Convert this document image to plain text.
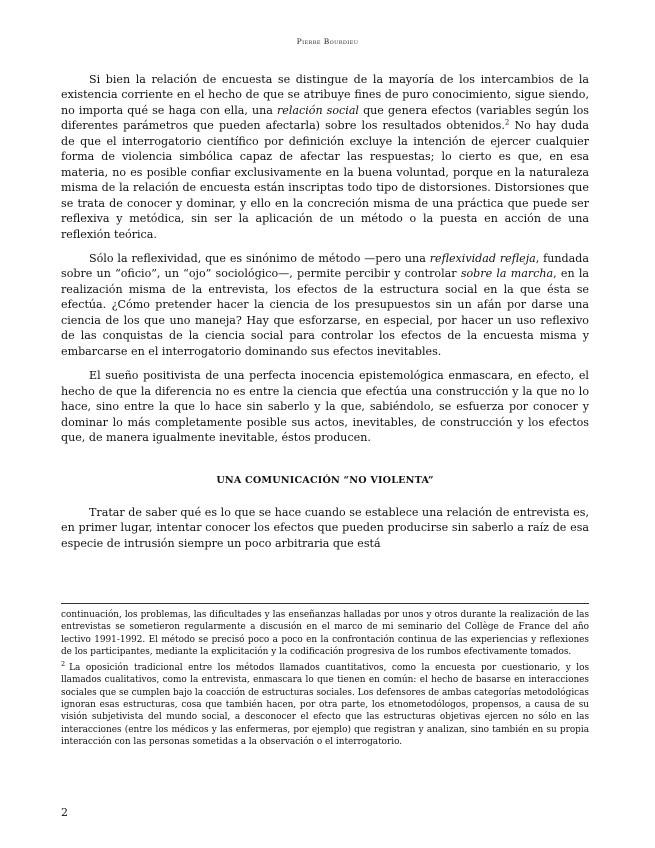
Pierre Bourdieu

Si bien la relación de encuesta se distingue de la mayoría de los intercambios de la existencia corriente en el hecho de que se atribuye fines de puro conocimiento, sigue siendo, no importa qué se haga con ella, una relación social que genera efectos (variables según los diferentes parámetros que pueden afectarla) sobre los resultados obtenidos.$^2$ No hay duda de que el interrogatorio científico por definición excluye la intención de ejercer cualquier forma de violencia simbólica capaz de afectar las respuestas; lo cierto es que, en esa materia, no es posible confiar exclusivamente en la buena voluntad, porque en la naturaleza misma de la relación de encuesta están inscriptas todo tipo de distorsiones. Distorsiones que se trata de conocer y dominar, y ello en la concreción misma de una práctica que puede ser reflexiva y metódica, sin ser la aplicación de un método o la puesta en acción de una reflexión teórica.

Sólo la reflexividad, que es sinónimo de método —pero una reflexividad refleja, fundada sobre un “oficio”, un “ojo” sociológico—, permite percibir y controlar sobre la marcha, en la realización misma de la entrevista, los efectos de la estructura social en la que ésta se efectúa. ¿Cómo pretender hacer la ciencia de los presupuestos sin un afán por darse una ciencia de los que uno maneja? Hay que esforzarse, en especial, por hacer un uso reflexivo de las conquistas de la ciencia social para controlar los efectos de la encuesta misma y embarcarse en el interrogatorio dominando sus efectos inevitables.

El sueño positivista de una perfecta inocencia epistemológica enmascara, en efecto, el hecho de que la diferencia no es entre la ciencia que efectúa una construcción y la que no lo hace, sino entre la que lo hace sin saberlo y la que, sabiéndolo, se esfuerza por conocer y dominar lo más completamente posible sus actos, inevitables, de construcción y los efectos que, de manera igualmente inevitable, éstos producen.

UNA COMUNICACIÓN “NO VIOLENTA”

Tratar de saber qué es lo que se hace cuando se establece una relación de entrevista es, en primer lugar, intentar conocer los efectos que pueden producirse sin saberlo a raíz de esa especie de intrusión siempre un poco arbitraria que está

continuación, los problemas, las dificultades y las enseñanzas halladas por unos y otros durante la realización de las entrevistas se sometieron regularmente a discusión en el marco de mi seminario del Collège de France del año lectivo 1991-1992. El método se precisó poco a poco en la confrontación continua de las experiencias y reflexiones de los participantes, mediante la explicitación y la codificación progresiva de los rumbos efectivamente tomados.

$^2$ La oposición tradicional entre los métodos llamados cuantitativos, como la encuesta por cuestionario, y los llamados cualitativos, como la entrevista, enmascara lo que tienen en común: el hecho de basarse en interacciones sociales que se cumplen bajo la coacción de estructuras sociales. Los defensores de ambas categorías metodológicas ignoran esas estructuras, cosa que también hacen, por otra parte, los etnometodólogos, propensos, a causa de su visión subjetivista del mundo social, a desconocer el efecto que las estructuras objetivas ejercen no sólo en las interacciones (entre los médicos y las enfermeras, por ejemplo) que registran y analizan, sino también en su propia interacción con las personas sometidas a la observación o el interrogatorio.

2
